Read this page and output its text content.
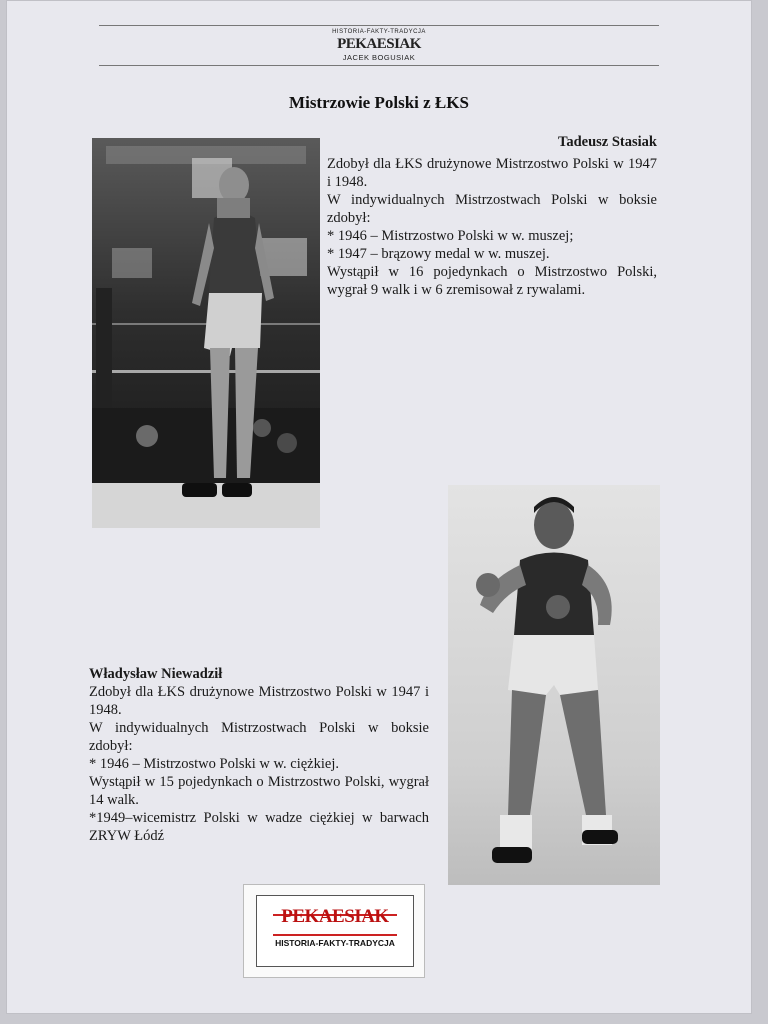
HISTORIA-FAKTY-TRADYCJA
PEKAESIAK
JACEK BOGUSIAK
Mistrzowie Polski z ŁKS

Tadeusz Stasiak

Zdobył dla ŁKS drużynowe Mistrzostwo Polski w 1947 i 1948.

W indywidualnych Mistrzostwach Polski w boksie zdobył:

* 1946 – Mistrzostwo Polski w w. muszej;

* 1947 – brązowy medal w w. muszej.

Wystąpił w 16 pojedynkach o Mistrzostwo Polski, wygrał 9 walk i w 6 zremisował z rywalami.

Władysław Niewadził

Zdobył dla ŁKS drużynowe Mistrzostwo Polski w 1947 i 1948.

W indywidualnych Mistrzostwach Polski w boksie zdobył:

* 1946 – Mistrzostwo Polski w w. ciężkiej.

Wystąpił w 15 pojedynkach o Mistrzostwo Polski, wygrał 14 walk.

*1949–wicemistrz Polski w wadze ciężkiej w barwach ZRYW Łódź

PEKAESIAK
HISTORIA-FAKTY-TRADYCJA
